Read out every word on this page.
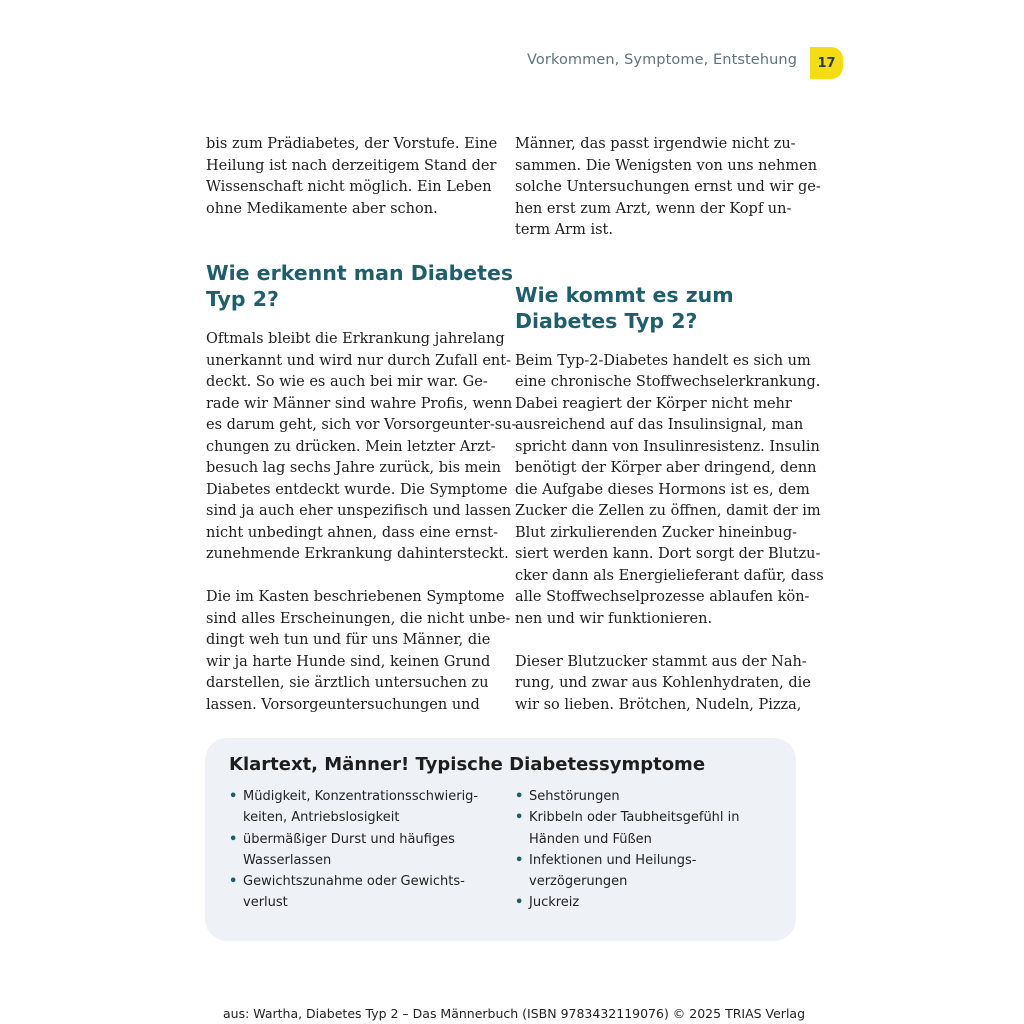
Vorkommen, Symptome, Entstehung	17

bis zum Prädiabetes, der Vorstufe. Eine
Heilung ist nach derzeitigem Stand der
Wissenschaft nicht möglich. Ein Leben
ohne Medikamente aber schon.

Wie erkennt man Diabetes
Typ 2?

Oftmals bleibt die Erkrankung jahrelang
unerkannt und wird nur durch Zufall ent-
deckt. So wie es auch bei mir war. Ge-
rade wir Männer sind wahre Profis, wenn
es darum geht, sich vor Vorsorgeunter-su-
chungen zu drücken. Mein letzter Arzt-
besuch lag sechs Jahre zurück, bis mein
Diabetes entdeckt wurde. Die Symptome
sind ja auch eher unspezifisch und lassen
nicht unbedingt ahnen, dass eine ernst-
zunehmende Erkrankung dahintersteckt.

Die im Kasten beschriebenen Symptome
sind alles Erscheinungen, die nicht unbe-
dingt weh tun und für uns Männer, die
wir ja harte Hunde sind, keinen Grund
darstellen, sie ärztlich untersuchen zu
lassen. Vorsorgeuntersuchungen und

Männer, das passt irgendwie nicht zu-
sammen. Die Wenigsten von uns nehmen
solche Untersuchungen ernst und wir ge-
hen erst zum Arzt, wenn der Kopf un-
term Arm ist.

Wie kommt es zum
Diabetes Typ 2?

Beim Typ-2-Diabetes handelt es sich um
eine chronische Stoffwechselerkrankung.
Dabei reagiert der Körper nicht mehr
ausreichend auf das Insulinsignal, man
spricht dann von Insulinresistenz. Insulin
benötigt der Körper aber dringend, denn
die Aufgabe dieses Hormons ist es, dem
Zucker die Zellen zu öffnen, damit der im
Blut zirkulierenden Zucker hineinbug-
siert werden kann. Dort sorgt der Blutzu-
cker dann als Energielieferant dafür, dass
alle Stoffwechselprozesse ablaufen kön-
nen und wir funktionieren.

Dieser Blutzucker stammt aus der Nah-
rung, und zwar aus Kohlenhydraten, die
wir so lieben. Brötchen, Nudeln, Pizza,

Klartext, Männer! Typische Diabetessymptome
• Müdigkeit, Konzentrationsschwierig-
keiten, Antriebslosigkeit
• übermäßiger Durst und häufiges
Wasserlassen
• Gewichtszunahme oder Gewichts-
verlust
• Sehstörungen
• Kribbeln oder Taubheitsgefühl in
Händen und Füßen
• Infektionen und Heilungs-
verzögerungen
• Juckreiz
aus: Wartha, Diabetes Typ 2 – Das Männerbuch (ISBN 9783432119076) © 2025 TRIAS Verlag
